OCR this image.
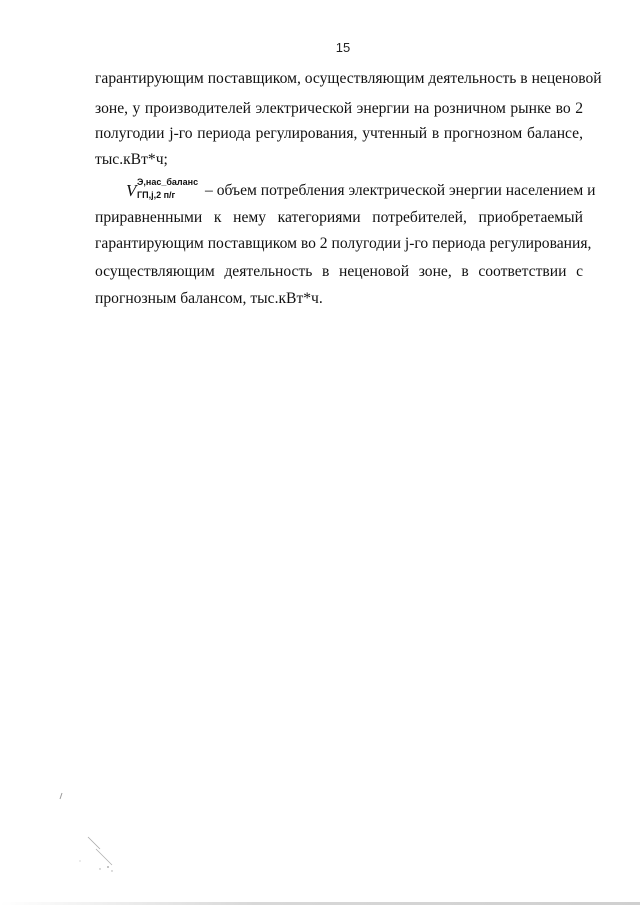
15
гарантирующим поставщиком, осуществляющим деятельность в неценовой
зоне, у производителей электрической энергии на розничном рынке во 2
полугодии j-го периода регулирования, учтенный в прогнозном балансе,
тыс.кВт*ч;
V Э,нас_баланс
ГП,j,2 п/г – объем потребления электрической энергии населением и
приравненными к нему категориями потребителей, приобретаемый
гарантирующим поставщиком во 2 полугодии j-го периода регулирования,
осуществляющим деятельность в неценовой зоне, в соответствии с
прогнозным балансом, тыс.кВт*ч.
